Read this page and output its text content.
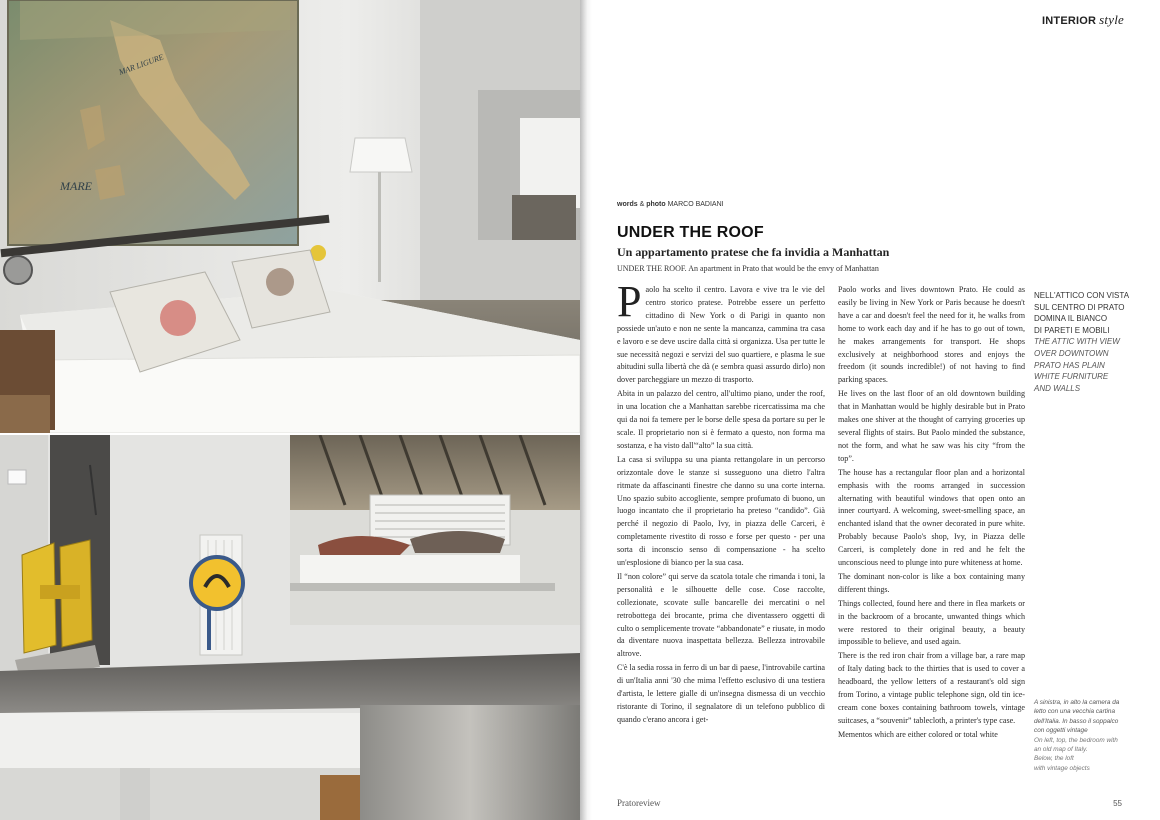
MARE
MAR LIGURE
INTERIOR style
words & photo MARCO BADIANI
UNDER THE ROOF
Un appartamento pratese che fa invidia a Manhattan
UNDER THE ROOF. An apartment in Prato that would be the envy of Manhattan

Paolo ha scelto il centro. Lavora e vive tra le vie del centro storico pratese. Potrebbe essere un perfetto cittadino di New York o di Parigi in quanto non possiede un'auto e non ne sente la mancanza, cammina tra casa e lavoro e se deve uscire dalla città si organizza. Usa per tutte le sue necessità negozi e servizi del suo quartiere, e plasma le sue abitudini sulla libertà che dà (e sembra quasi assurdo dirlo) non dover parcheggiare un mezzo di trasporto.

Abita in un palazzo del centro, all'ultimo piano, under the roof, in una location che a Manhattan sarebbe ricercatissima ma che qui da noi fa temere per le borse delle spesa da portare su per le scale. Il proprietario non si è fermato a questo, non forma ma sostanza, e ha visto dall'“alto” la sua città.

La casa si sviluppa su una pianta rettangolare in un percorso orizzontale dove le stanze si susseguono una dietro l'altra ritmate da affascinanti finestre che danno su una corte interna. Uno spazio subito accogliente, sempre profumato di buono, un luogo incantato che il proprietario ha preteso “candido”. Già perché il negozio di Paolo, Ivy, in piazza delle Carceri, è completamente rivestito di rosso e forse per questo - per una sorta di inconscio senso di compensazione - ha scelto un'esplosione di bianco per la sua casa.

Il “non colore” qui serve da scatola totale che rimanda i toni, la personalità e le silhouette delle cose. Cose raccolte, collezionate, scovate sulle bancarelle dei mercatini o nel retrobottega dei brocante, prima che diventassero oggetti di culto o semplicemente trovate “abbandonate” e riusate, in modo da diventare nuova inaspettata bellezza. Bellezza introvabile altrove.

C'è la sedia rossa in ferro di un bar di paese, l'introvabile cartina di un'Italia anni '30 che mima l'effetto esclusivo di una testiera d'artista, le lettere gialle di un'insegna dismessa di un vecchio ristorante di Torino, il segnalatore di un telefono pubblico di quando c'erano ancora i get-

Paolo works and lives downtown Prato. He could as easily be living in New York or Paris because he doesn't have a car and doesn't feel the need for it, he walks from home to work each day and if he has to go out of town, he makes arrangements for transport. He shops exclusively at neighborhood stores and enjoys the freedom (it sounds incredible!) of not having to find parking spaces.

He lives on the last floor of an old downtown building that in Manhattan would be highly desirable but in Prato makes one shiver at the thought of carrying groceries up several flights of stairs. But Paolo minded the substance, not the form, and what he saw was his city “from the top”.

The house has a rectangular floor plan and a horizontal emphasis with the rooms arranged in succession alternating with beautiful windows that open onto an inner courtyard. A welcoming, sweet-smelling space, an enchanted island that the owner decorated in pure white. Probably because Paolo's shop, Ivy, in Piazza delle Carceri, is completely done in red and he felt the unconscious need to plunge into pure whiteness at home.

The dominant non-color is like a box containing many different things.

Things collected, found here and there in flea markets or in the backroom of a brocante, unwanted things which were restored to their original beauty, a beauty impossible to believe, and used again.

There is the red iron chair from a village bar, a rare map of Italy dating back to the thirties that is used to cover a headboard, the yellow letters of a restaurant's old sign from Torino, a vintage public telephone sign, old tin ice-cream cone boxes containing bathroom towels, vintage suitcases, a “souvenir” tablecloth, a printer's type case.

Mementos which are either colored or total white

NELL'ATTICO CON VISTA
SUL CENTRO DI PRATO
DOMINA IL BIANCO
DI PARETI E MOBILI
THE ATTIC WITH VIEW
OVER DOWNTOWN
PRATO HAS PLAIN
WHITE FURNITURE
AND WALLS
A sinistra, in alto la camera da
letto con una vecchia cartina
dell'Italia. In basso il soppalco
con oggetti vintage
On left, top, the bedroom with
an old map of Italy.
Below, the loft
with vintage objects
Pratoreview	55
